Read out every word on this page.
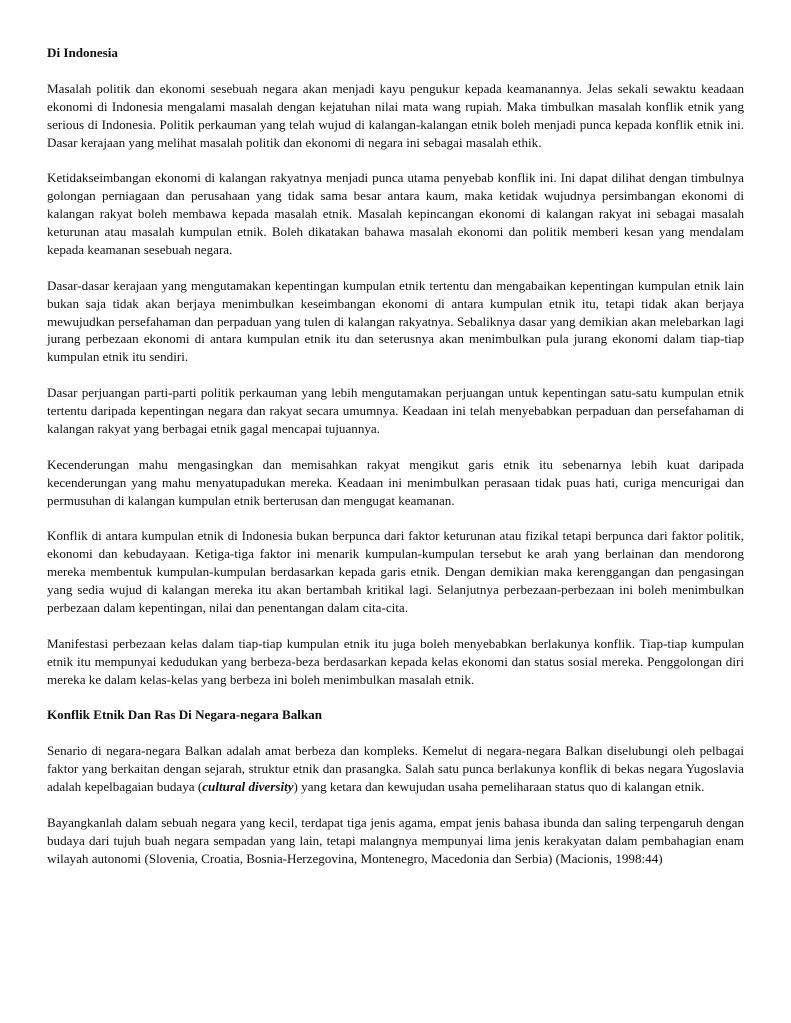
Di Indonesia

Masalah politik dan ekonomi sesebuah negara akan menjadi kayu pengukur kepada keamanannya. Jelas sekali sewaktu keadaan ekonomi di Indonesia mengalami masalah dengan kejatuhan nilai mata wang rupiah. Maka timbulkan masalah konflik etnik yang serious di Indonesia. Politik perkauman yang telah wujud di kalangan-kalangan etnik boleh menjadi punca kepada konflik etnik ini. Dasar kerajaan yang melihat masalah politik dan ekonomi di negara ini sebagai masalah ethik.

Ketidakseimbangan ekonomi di kalangan rakyatnya menjadi punca utama penyebab konflik ini. Ini dapat dilihat dengan timbulnya golongan perniagaan dan perusahaan yang tidak sama besar antara kaum, maka ketidak wujudnya persimbangan ekonomi di kalangan rakyat boleh membawa kepada masalah etnik. Masalah kepincangan ekonomi di kalangan rakyat ini sebagai masalah keturunan atau masalah kumpulan etnik. Boleh dikatakan bahawa masalah ekonomi dan politik memberi kesan yang mendalam kepada keamanan sesebuah negara.

Dasar-dasar kerajaan yang mengutamakan kepentingan kumpulan etnik tertentu dan mengabaikan kepentingan kumpulan etnik lain bukan saja tidak akan berjaya menimbulkan keseimbangan ekonomi di antara kumpulan etnik itu, tetapi tidak akan berjaya mewujudkan persefahaman dan perpaduan yang tulen di kalangan rakyatnya. Sebaliknya dasar yang demikian akan melebarkan lagi jurang perbezaan ekonomi di antara kumpulan etnik itu dan seterusnya akan menimbulkan pula jurang ekonomi dalam tiap-tiap kumpulan etnik itu sendiri.

Dasar perjuangan parti-parti politik perkauman yang lebih mengutamakan perjuangan untuk kepentingan satu-satu kumpulan etnik tertentu daripada kepentingan negara dan rakyat secara umumnya. Keadaan ini telah menyebabkan perpaduan dan persefahaman di kalangan rakyat yang berbagai etnik gagal mencapai tujuannya.

Kecenderungan mahu mengasingkan dan memisahkan rakyat mengikut garis etnik itu sebenarnya lebih kuat daripada kecenderungan yang mahu menyatupadukan mereka. Keadaan ini menimbulkan perasaan tidak puas hati, curiga mencurigai dan permusuhan di kalangan kumpulan etnik berterusan dan mengugat keamanan.

Konflik di antara kumpulan etnik di Indonesia bukan berpunca dari faktor keturunan atau fizikal tetapi berpunca dari faktor politik, ekonomi dan kebudayaan. Ketiga-tiga faktor ini menarik kumpulan-kumpulan tersebut ke arah yang berlainan dan mendorong mereka membentuk kumpulan-kumpulan berdasarkan kepada garis etnik. Dengan demikian maka kerenggangan dan pengasingan yang sedia wujud di kalangan mereka itu akan bertambah kritikal lagi. Selanjutnya perbezaan-perbezaan ini boleh menimbulkan perbezaan dalam kepentingan, nilai dan penentangan dalam cita-cita.

Manifestasi perbezaan kelas dalam tiap-tiap kumpulan etnik itu juga boleh menyebabkan berlakunya konflik. Tiap-tiap kumpulan etnik itu mempunyai kedudukan yang berbeza-beza berdasarkan kepada kelas ekonomi dan status sosial mereka. Penggolongan diri mereka ke dalam kelas-kelas yang berbeza ini boleh menimbulkan masalah etnik.

Konflik Etnik Dan Ras Di Negara-negara Balkan

Senario di negara-negara Balkan adalah amat berbeza dan kompleks. Kemelut di negara-negara Balkan diselubungi oleh pelbagai faktor yang berkaitan dengan sejarah, struktur etnik dan prasangka. Salah satu punca berlakunya konflik di bekas negara Yugoslavia adalah kepelbagaian budaya (cultural diversity) yang ketara dan kewujudan usaha pemeliharaan status quo di kalangan etnik.

Bayangkanlah dalam sebuah negara yang kecil, terdapat tiga jenis agama, empat jenis bahasa ibunda dan saling terpengaruh dengan budaya dari tujuh buah negara sempadan yang lain, tetapi malangnya mempunyai lima jenis kerakyatan dalam pembahagian enam wilayah autonomi (Slovenia, Croatia, Bosnia-Herzegovina, Montenegro, Macedonia dan Serbia) (Macionis, 1998:44)
